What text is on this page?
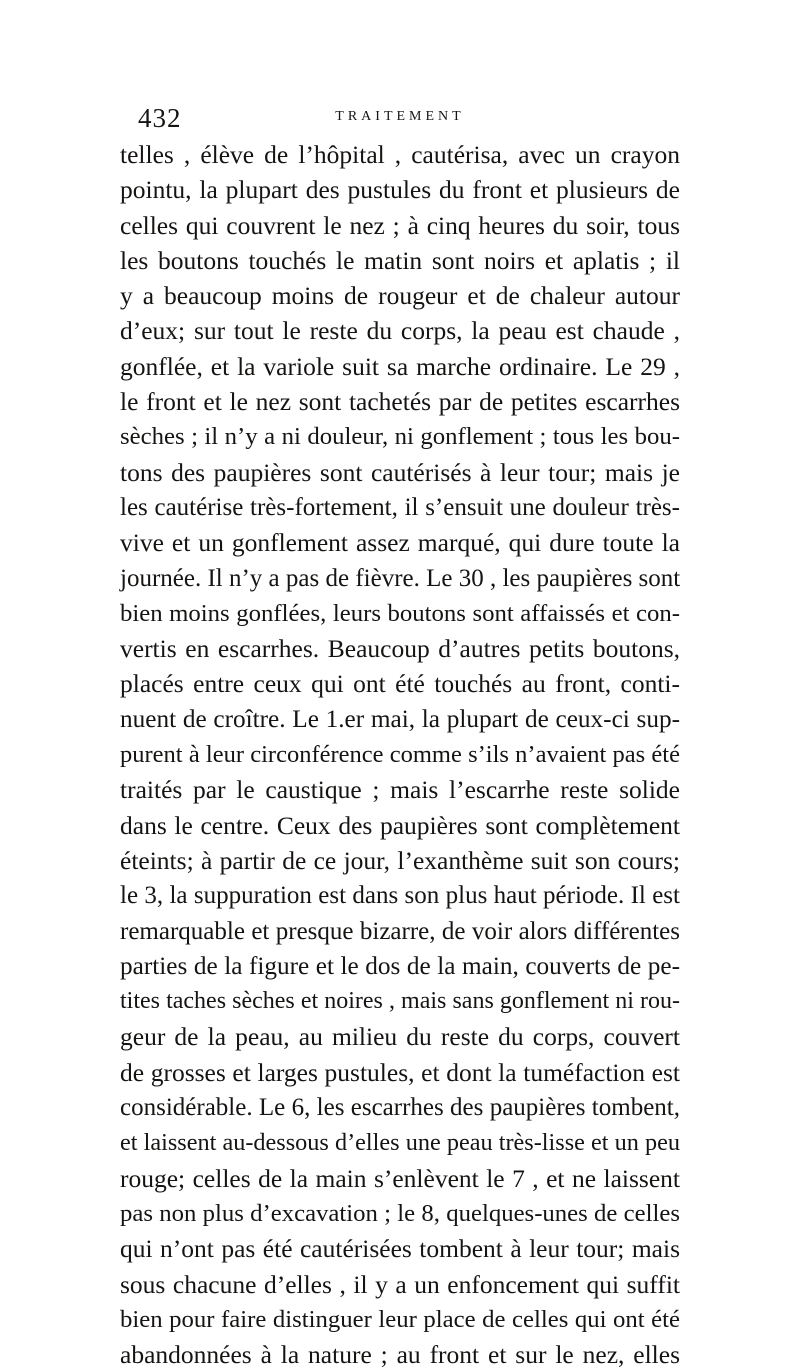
432	TRAITEMENT
telles , élève de l’hôpital , cautérisa, avec un crayon
pointu, la plupart des pustules du front et plusieurs de
celles qui couvrent le nez ; à cinq heures du soir, tous
les boutons touchés le matin sont noirs et aplatis ; il
y a beaucoup moins de rougeur et de chaleur autour
d’eux; sur tout le reste du corps, la peau est chaude ,
gonflée, et la variole suit sa marche ordinaire. Le 29 ,
le front et le nez sont tachetés par de petites escarrhes
sèches ; il n’y a ni douleur, ni gonflement ; tous les bou-
tons des paupières sont cautérisés à leur tour; mais je
les cautérise très-fortement, il s’ensuit une douleur très-
vive et un gonflement assez marqué, qui dure toute la
journée. Il n’y a pas de fièvre. Le 30 , les paupières sont
bien moins gonflées, leurs boutons sont affaissés et con-
vertis en escarrhes. Beaucoup d’autres petits boutons,
placés entre ceux qui ont été touchés au front, conti-
nuent de croître. Le 1.er mai, la plupart de ceux-ci sup-
purent à leur circonférence comme s’ils n’avaient pas été
traités par le caustique ; mais l’escarrhe reste solide
dans le centre. Ceux des paupières sont complètement
éteints; à partir de ce jour, l’exanthème suit son cours;
le 3, la suppuration est dans son plus haut période. Il est
remarquable et presque bizarre, de voir alors différentes
parties de la figure et le dos de la main, couverts de pe-
tites taches sèches et noires , mais sans gonflement ni rou-
geur de la peau, au milieu du reste du corps, couvert
de grosses et larges pustules, et dont la tuméfaction est
considérable. Le 6, les escarrhes des paupières tombent,
et laissent au-dessous d’elles une peau très-lisse et un peu
rouge; celles de la main s’enlèvent le 7 , et ne laissent
pas non plus d’excavation ; le 8, quelques-unes de celles
qui n’ont pas été cautérisées tombent à leur tour; mais
sous chacune d’elles , il y a un enfoncement qui suffit
bien pour faire distinguer leur place de celles qui ont été
abandonnées à la nature ; au front et sur le nez, elles
